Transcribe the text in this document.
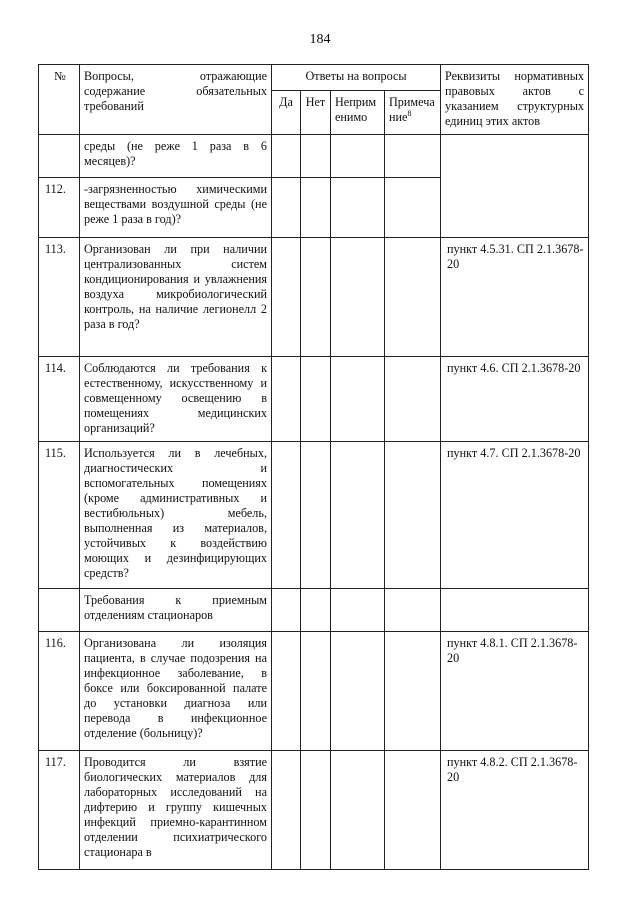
184
№	Вопросы, отражающие содержание обязательных требований	Ответы на вопросы				Реквизиты нормативных правовых актов с указанием структурных единиц этих актов
		Да	Нет	Неприм енимо	Примеча ние$^8$
	среды (не реже 1 раза в 6 месяцев)?					
112.	-загрязненностью химическими веществами воздушной среды (не реже 1 раза в год)?					
113.	Организован ли при наличии централизованных систем кондиционирования и увлажнения воздуха микробиологический контроль, на наличие легионелл 2 раза в год?					пункт 4.5.31. СП 2.1.3678-20
114.	Соблюдаются ли требования к естественному, искусственному и совмещенному освещению в помещениях медицинских организаций?					пункт 4.6. СП 2.1.3678-20
115.	Используется ли в лечебных, диагностических и вспомогательных помещениях (кроме административных и вестибюльных) мебель, выполненная из материалов, устойчивых к воздействию моющих и дезинфицирующих средств?					пункт 4.7. СП 2.1.3678-20
	Требования к приемным отделениям стационаров					
116.	Организована ли изоляция пациента, в случае подозрения на инфекционное заболевание, в боксе или боксированной палате до установки диагноза или перевода в инфекционное отделение (больницу)?					пункт 4.8.1. СП 2.1.3678-20
117.	Проводится ли взятие биологических материалов для лабораторных исследований на дифтерию и группу кишечных инфекций приемно-карантинном отделении психиатрического стационара в					пункт 4.8.2. СП 2.1.3678-20
